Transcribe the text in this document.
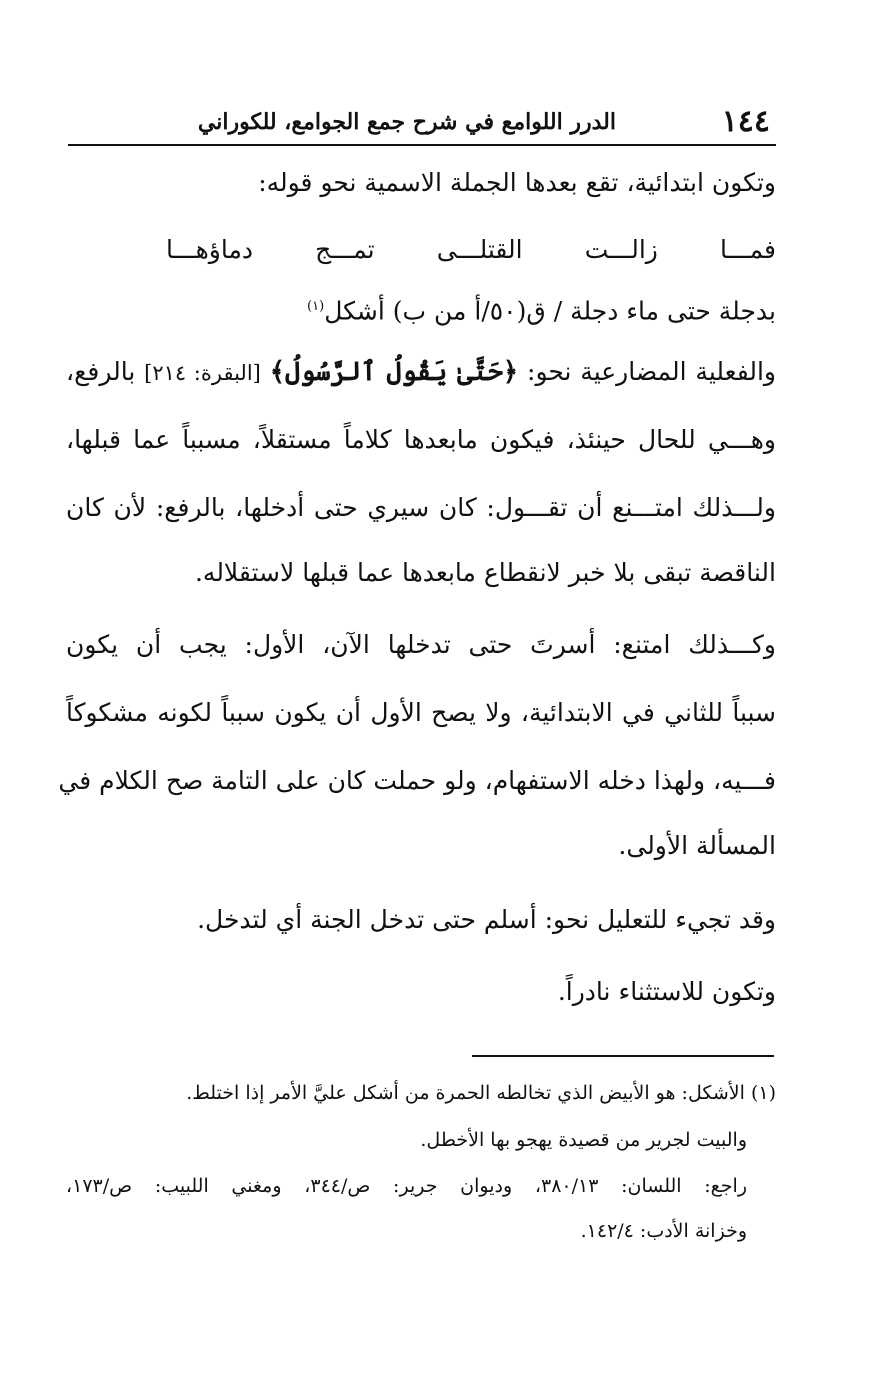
١٤٤
الدرر اللوامع في شرح جمع الجوامع، للكوراني
وتكون ابتدائية، تقع بعدها الجملة الاسمية نحو قوله:
فمـــا زالـــت القتلـــى تمـــج دماؤهـــا
بدجلة حتى ماء دجلة / ق(٥٠/أ من ب) أشكل$^{(١)}$
والفعلية المضارعية نحو: ﴿حَتَّىٰ يَقُولُ ٱلرَّسُولُ﴾ [البقرة: ٢١٤] بالرفع،
وهـــي للحال حينئذ، فيكون مابعدها كلاماً مستقلاً، مسبباً عما قبلها،
ولـــذلك امتـــنع أن تقـــول: كان سيري حتى أدخلها، بالرفع: لأن كان
الناقصة تبقى بلا خبر لانقطاع مابعدها عما قبلها لاستقلاله.
وكـــذلك امتنع: أسرتَ حتى تدخلها الآن، الأول: يجب أن يكون
سبباً للثاني في الابتدائية، ولا يصح الأول أن يكون سبباً لكونه مشكوكاً
فـــيه، ولهذا دخله الاستفهام، ولو حملت كان على التامة صح الكلام في
المسألة الأولى.
وقد تجيء للتعليل نحو: أسلم حتى تدخل الجنة أي لتدخل.
وتكون للاستثناء نادراً.
(١) الأشكل: هو الأبيض الذي تخالطه الحمرة من أشكل عليَّ الأمر إذا اختلط.
والبيت لجرير من قصيدة يهجو بها الأخطل.
راجع: اللسان: ٣٨٠/١٣، وديوان جرير: ص/٣٤٤، ومغني اللبيب: ص/١٧٣،
وخزانة الأدب: ١٤٢/٤.
